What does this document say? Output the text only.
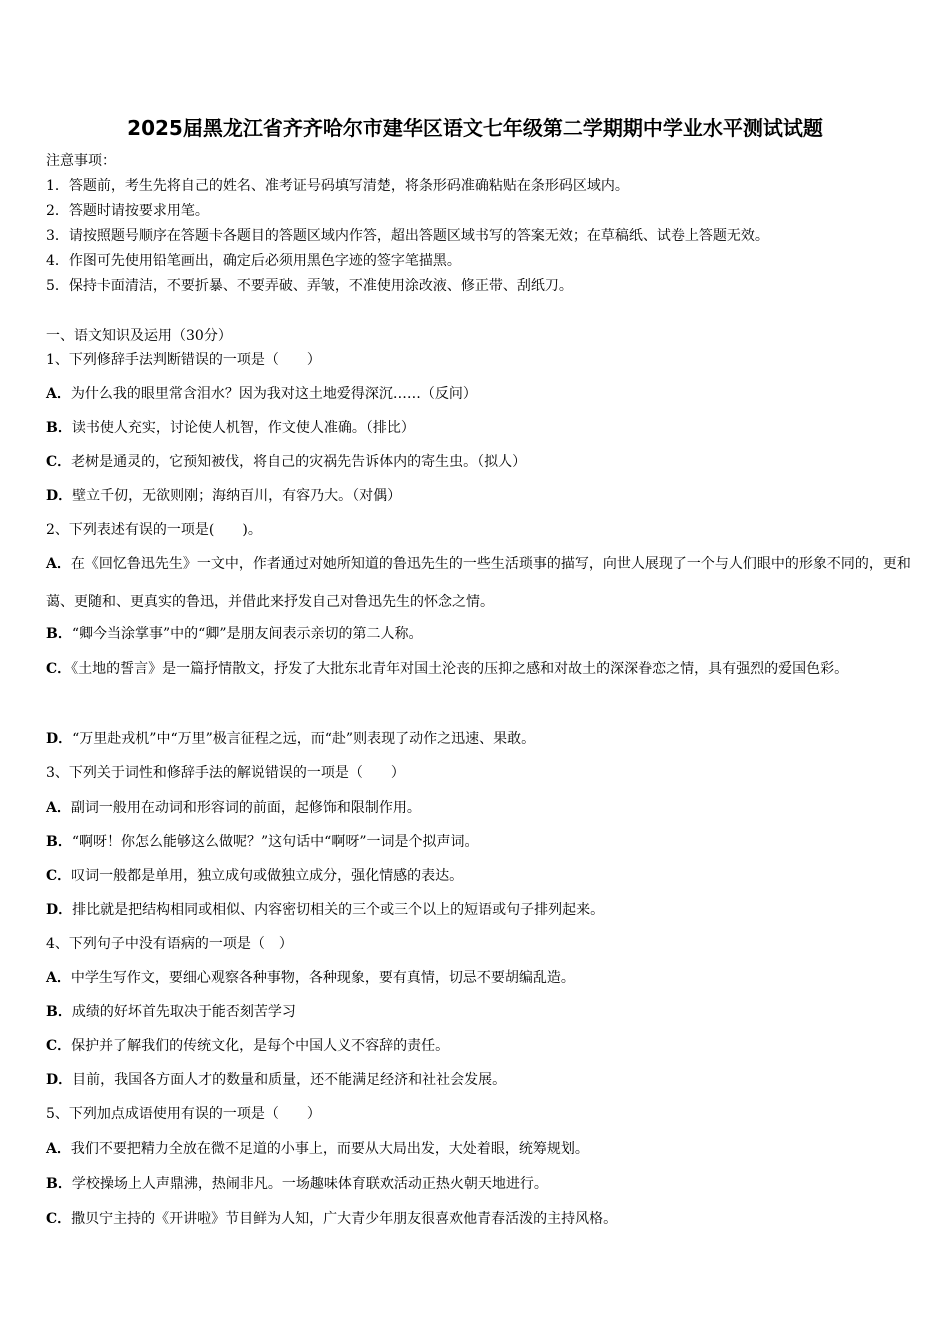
2025届黑龙江省齐齐哈尔市建华区语文七年级第二学期期中学业水平测试试题
注意事项：
1．答题前，考生先将自己的姓名、准考证号码填写清楚，将条形码准确粘贴在条形码区域内。
2．答题时请按要求用笔。
3．请按照题号顺序在答题卡各题目的答题区域内作答，超出答题区域书写的答案无效；在草稿纸、试卷上答题无效。
4．作图可先使用铅笔画出，确定后必须用黑色字迹的签字笔描黑。
5．保持卡面清洁，不要折暴、不要弄破、弄皱，不准使用涂改液、修正带、刮纸刀。
一、语文知识及运用（30分）
1、下列修辞手法判断错误的一项是（　　）
A．为什么我的眼里常含泪水？因为我对这土地爱得深沉……（反问）
B．读书使人充实，讨论使人机智，作文使人准确。（排比）
C．老树是通灵的，它预知被伐，将自己的灾祸先告诉体内的寄生虫。（拟人）
D．壁立千仞，无欲则刚；海纳百川，有容乃大。（对偶）
2、下列表述有误的一项是(　　)。
A．在《回忆鲁迅先生》一文中，作者通过对她所知道的鲁迅先生的一些生活琐事的描写，向世人展现了一个与人们眼中的形象不同的，更和蔼、更随和、更真实的鲁迅，并借此来抒发自己对鲁迅先生的怀念之情。
B．“卿今当涂掌事”中的“卿”是朋友间表示亲切的第二人称。
C．《土地的誓言》是一篇抒情散文，抒发了大批东北青年对国土沦丧的压抑之感和对故土的深深眷恋之情，具有强烈的爱国色彩。
D．“万里赴戎机”中“万里”极言征程之远，而“赴”则表现了动作之迅速、果敢。
3、下列关于词性和修辞手法的解说错误的一项是（　　）
A．副词一般用在动词和形容词的前面，起修饰和限制作用。
B．“啊呀！你怎么能够这么做呢？”这句话中“啊呀”一词是个拟声词。
C．叹词一般都是单用，独立成句或做独立成分，强化情感的表达。
D．排比就是把结构相同或相似、内容密切相关的三个或三个以上的短语或句子排列起来。
4、下列句子中没有语病的一项是（　）
A．中学生写作文，要细心观察各种事物，各种现象，要有真情，切忌不要胡编乱造。
B．成绩的好坏首先取决于能否刻苦学习
C．保护并了解我们的传统文化，是每个中国人义不容辞的责任。
D．目前，我国各方面人才的数量和质量，还不能满足经济和社社会发展。
5、下列加点成语使用有误的一项是（　　）
A．我们不要把精力全放在微不足道的小事上，而要从大局出发，大处着眼，统筹规划。
B．学校操场上人声鼎沸，热闹非凡。一场趣味体育联欢活动正热火朝天地进行。
C．撒贝宁主持的《开讲啦》节目鲜为人知，广大青少年朋友很喜欢他青春活泼的主持风格。
